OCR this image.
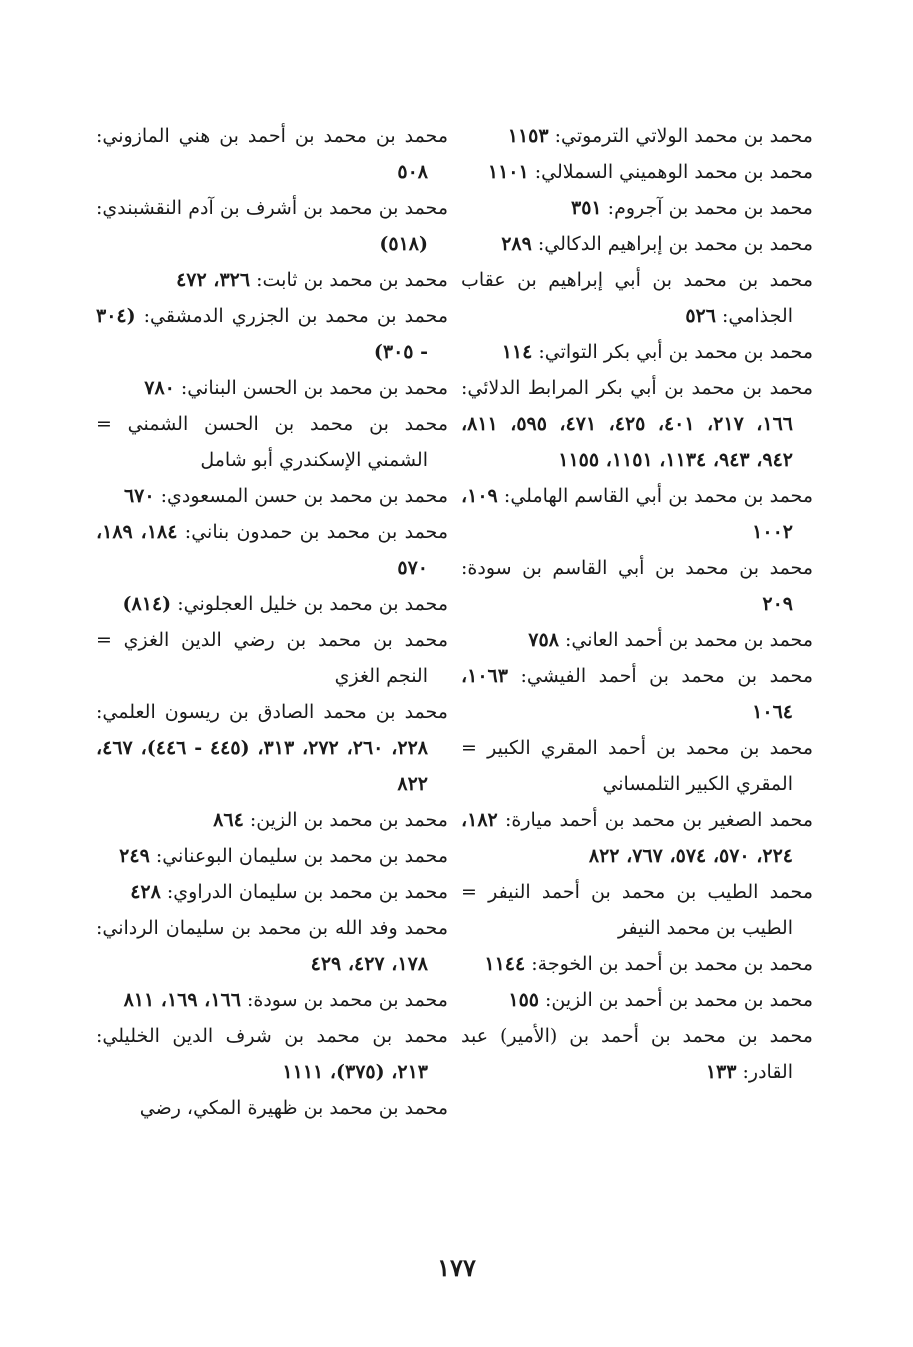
محمد بن محمد الولاتي الترموتي: ١١٥٣

محمد بن محمد الوهميني السملالي: ١١٠١

محمد بن محمد بن آجروم: ٣٥١

محمد بن محمد بن إبراهيم الدكالي: ٢٨٩

محمد بن محمد بن أبي إبراهيم بن عقاب الجذامي: ٥٢٦

محمد بن محمد بن أبي بكر التواتي: ١١٤

محمد بن محمد بن أبي بكر المرابط الدلائي: ١٦٦، ٢١٧، ٤٠١، ٤٢٥، ٤٧١، ٥٩٥، ٨١١، ٩٤٢، ٩٤٣، ١١٣٤، ١١٥١، ١١٥٥

محمد بن محمد بن أبي القاسم الهاملي: ١٠٩، ١٠٠٢

محمد بن محمد بن أبي القاسم بن سودة: ٢٠٩

محمد بن محمد بن أحمد العاني: ٧٥٨

محمد بن محمد بن أحمد الفيشي: ١٠٦٣، ١٠٦٤

محمد بن محمد بن أحمد المقري الكبير = المقري الكبير التلمساني

محمد الصغير بن محمد بن أحمد ميارة: ١٨٢، ٢٢٤، ٥٧٠، ٥٧٤، ٧٦٧، ٨٢٢

محمد الطيب بن محمد بن أحمد النيفر = الطيب بن محمد النيفر

محمد بن محمد بن أحمد بن الخوجة: ١١٤٤

محمد بن محمد بن أحمد بن الزين: ١٥٥

محمد بن محمد بن أحمد بن (الأمير) عبد القادر: ١٣٣

محمد بن محمد بن أحمد بن هني المازوني: ٥٠٨

محمد بن محمد بن أشرف بن آدم النقشبندي: (٥١٨)

محمد بن محمد بن ثابت: ٣٢٦، ٤٧٢

محمد بن محمد بن الجزري الدمشقي: (٣٠٤ - ٣٠٥)

محمد بن محمد بن الحسن البناني: ٧٨٠

محمد بن محمد بن الحسن الشمني = الشمني الإسكندري أبو شامل

محمد بن محمد بن حسن المسعودي: ٦٧٠

محمد بن محمد بن حمدون بناني: ١٨٤، ١٨٩، ٥٧٠

محمد بن محمد بن خليل العجلوني: (٨١٤)

محمد بن محمد بن رضي الدين الغزي = النجم الغزي

محمد بن محمد الصادق بن ريسون العلمي: ٢٢٨، ٢٦٠، ٢٧٢، ٣١٣، (٤٤٥ - ٤٤٦)، ٤٦٧، ٨٢٢

محمد بن محمد بن الزين: ٨٦٤

محمد بن محمد بن سليمان البوعناني: ٢٤٩

محمد بن محمد بن سليمان الدراوي: ٤٢٨

محمد وفد الله بن محمد بن سليمان الرداني: ١٧٨، ٤٢٧، ٤٢٩

محمد بن محمد بن سودة: ١٦٦، ١٦٩، ٨١١

محمد بن محمد بن شرف الدين الخليلي: ٢١٣، (٣٧٥)، ١١١١

محمد بن محمد بن ظهيرة المكي، رضي

١٧٧
